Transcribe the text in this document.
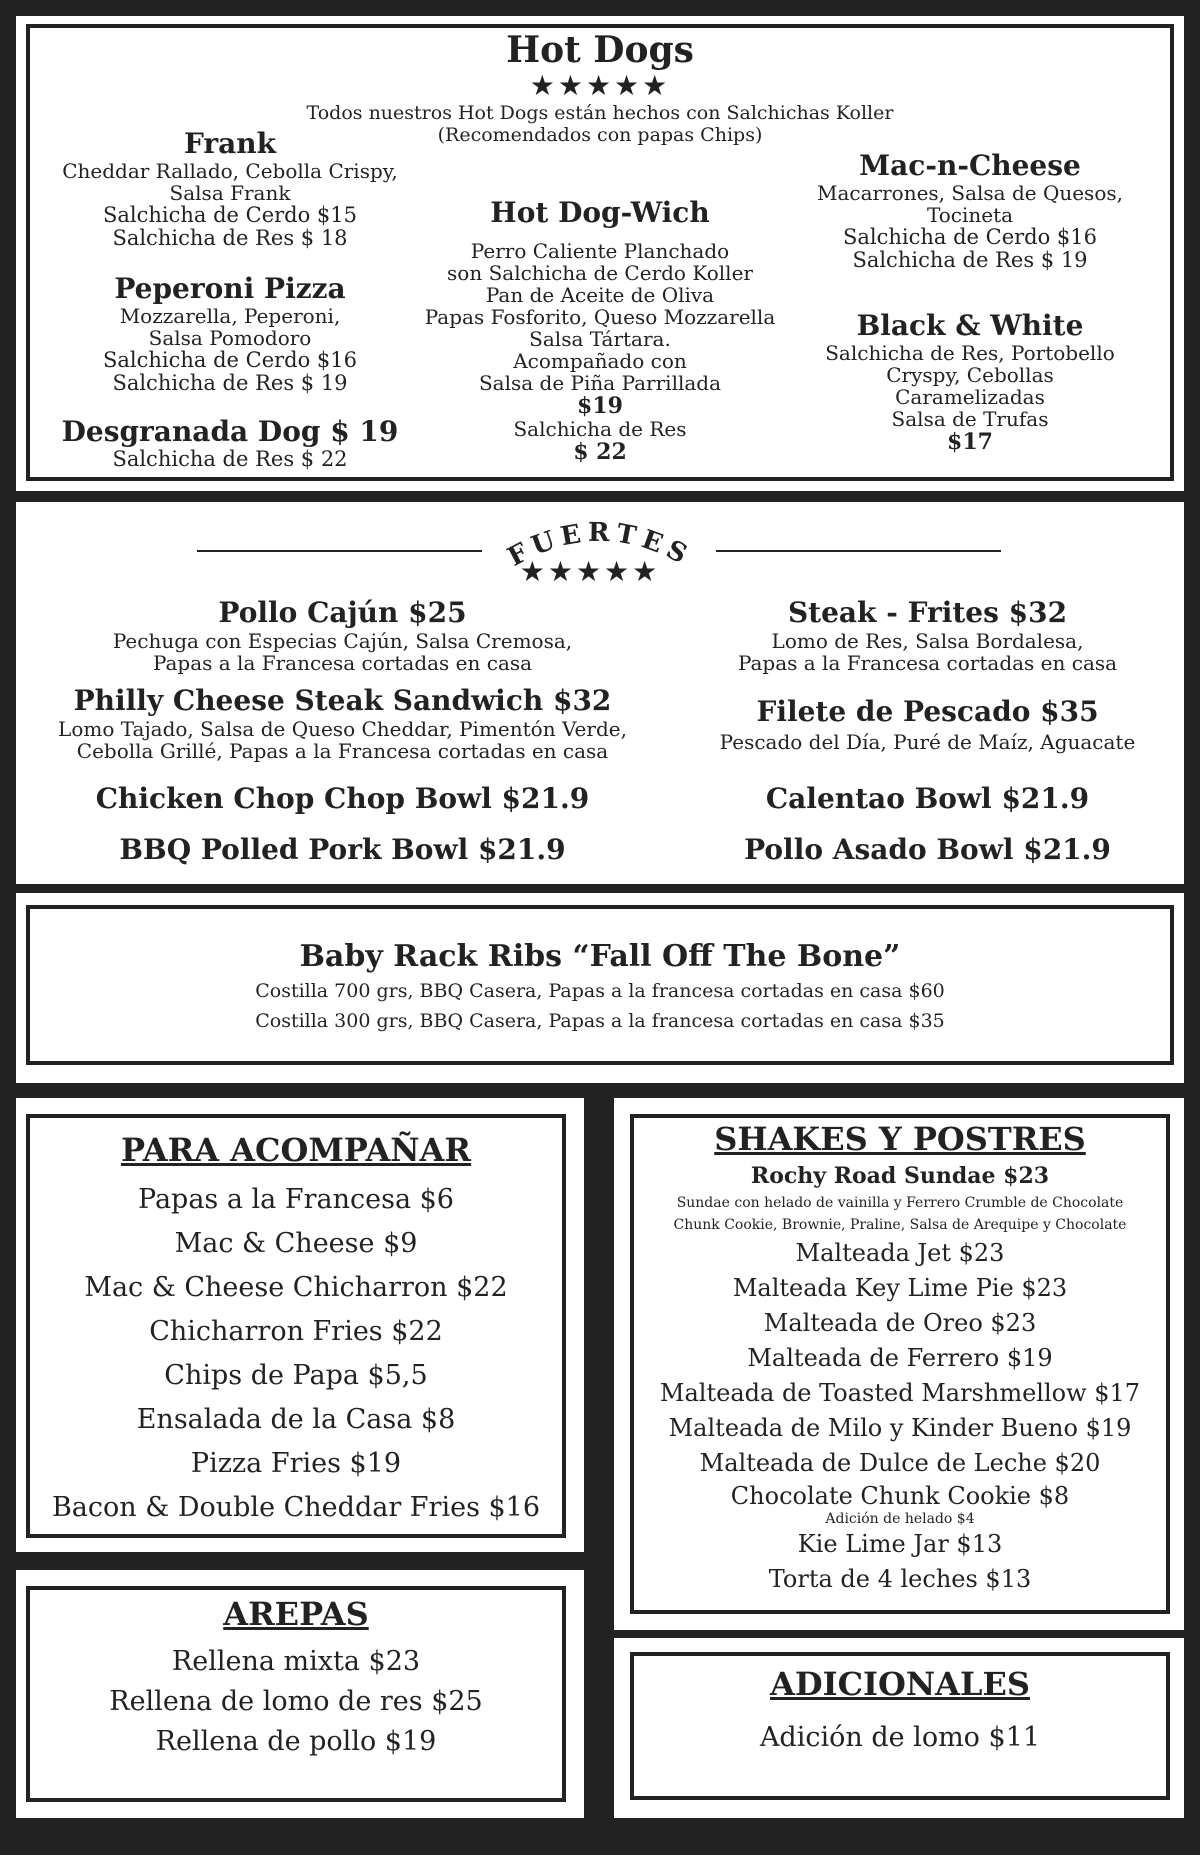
Hot Dogs
★★★★★
Todos nuestros Hot Dogs están hechos con Salchichas Koller
(Recomendados con papas Chips)
Frank
Cheddar Rallado, Cebolla Crispy,
Salsa Frank
Salchicha de Cerdo $15
Salchicha de Res $ 18
Peperoni Pizza
Mozzarella, Peperoni,
Salsa Pomodoro
Salchicha de Cerdo $16
Salchicha de Res $ 19
Desgranada Dog $ 19
Salchicha de Res $ 22
Hot Dog-Wich
Perro Caliente Planchado
son Salchicha de Cerdo Koller
Pan de Aceite de Oliva
Papas Fosforito, Queso Mozzarella
Salsa Tártara.
Acompañado con
Salsa de Piña Parrillada
$19
Salchicha de Res
$ 22
Mac-n-Cheese
Macarrones, Salsa de Quesos,
Tocineta
Salchicha de Cerdo $16
Salchicha de Res $ 19
Black & White
Salchicha de Res, Portobello
Cryspy, Cebollas
Caramelizadas
Salsa de Trufas
$17
FUERTES
★★★★★
Pollo Cajún $25
Pechuga con Especias Cajún, Salsa Cremosa,
Papas a la Francesa cortadas en casa
Philly Cheese Steak Sandwich $32
Lomo Tajado, Salsa de Queso Cheddar, Pimentón Verde,
Cebolla Grillé, Papas a la Francesa cortadas en casa
Steak - Frites $32
Lomo de Res, Salsa Bordalesa,
Papas a la Francesa cortadas en casa
Filete de Pescado $35
Pescado del Día, Puré de Maíz, Aguacate
Chicken Chop Chop Bowl $21.9	Calentao Bowl $21.9
BBQ Polled Pork Bowl $21.9	Pollo Asado Bowl $21.9
Baby Rack Ribs “Fall Off The Bone”
Costilla 700 grs, BBQ Casera, Papas a la francesa cortadas en casa $60
Costilla 300 grs, BBQ Casera, Papas a la francesa cortadas en casa $35
PARA ACOMPAÑAR
Papas a la Francesa $6
Mac & Cheese $9
Mac & Cheese Chicharron $22
Chicharron Fries $22
Chips de Papa $5,5
Ensalada de la Casa $8
Pizza Fries $19
Bacon & Double Cheddar Fries $16
AREPAS
Rellena mixta $23
Rellena de lomo de res $25
Rellena de pollo $19
SHAKES Y POSTRES
Rochy Road Sundae $23
Sundae con helado de vainilla y Ferrero Crumble de Chocolate
Chunk Cookie, Brownie, Praline, Salsa de Arequipe y Chocolate
Malteada Jet $23
Malteada Key Lime Pie $23
Malteada de Oreo $23
Malteada de Ferrero $19
Malteada de Toasted Marshmellow $17
Malteada de Milo y Kinder Bueno $19
Malteada de Dulce de Leche $20
Chocolate Chunk Cookie $8
Adición de helado $4
Kie Lime Jar $13
Torta de 4 leches $13
ADICIONALES
Adición de lomo $11
